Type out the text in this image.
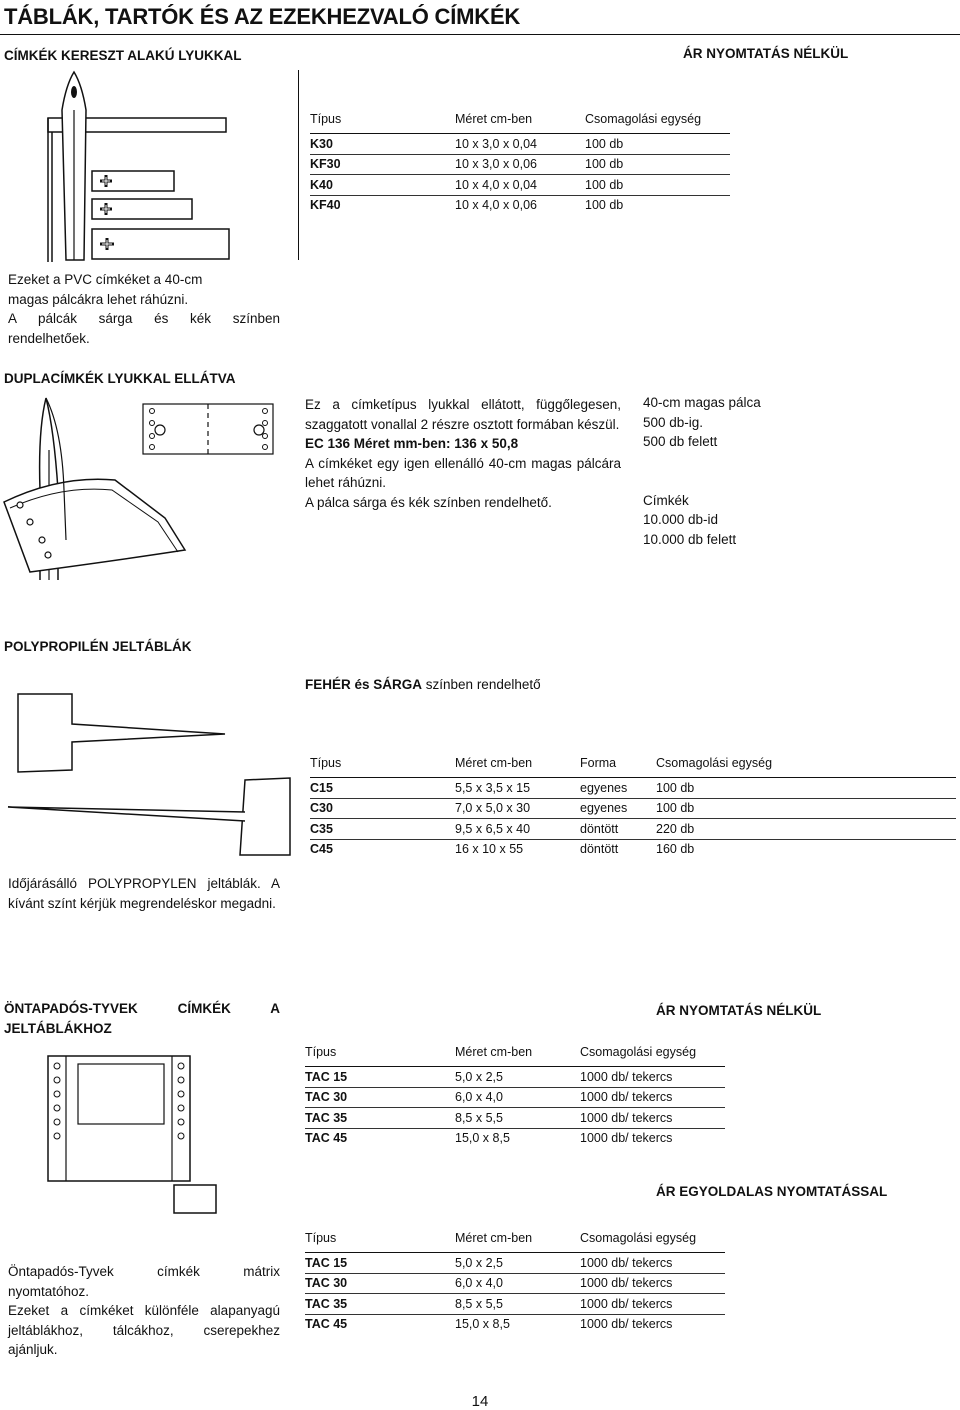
TÁBLÁK, TARTÓK ÉS AZ EZEKHEZVALÓ CÍMKÉK
CÍMKÉK KERESZT ALAKÚ LYUKKAL	ÁR NYOMTATÁS NÉLKÜL
Típus	Méret cm-ben	Csomagolási egység
K30	10 x 3,0 x 0,04	100 db
KF30	10 x 3,0 x 0,06	100 db
K40	10 x 4,0 x 0,04	100 db
KF40	10 x 4,0 x 0,06	100 db
Ezeket a PVC címkéket a 40-cm
magas pálcákra lehet ráhúzni.
A pálcák sárga és kék színben
rendelhetőek.
DUPLACÍMKÉK LYUKKAL ELLÁTVA
Ez a címketípus lyukkal ellátott, függőlegesen, szaggatott vonallal 2 részre osztott formában készül.
EC 136 Méret mm-ben: 136 x 50,8
A címkéket egy igen ellenálló 40-cm magas pálcára lehet ráhúzni.
A pálca sárga és kék színben rendelhető.
40-cm magas pálca
500 db-ig.
500 db felett
Címkék
10.000 db-id
10.000 db felett
POLYPROPILÉN JELTÁBLÁK
FEHÉR és SÁRGA színben rendelhető
Típus	Méret cm-ben	Forma	Csomagolási egység
C15	5,5 x 3,5 x 15	egyenes	100 db
C30	7,0 x 5,0 x 30	egyenes	100 db
C35	9,5 x 6,5 x 40	döntött	220 db
C45	16 x 10 x 55	döntött	160 db
Időjárásálló POLYPROPYLEN jeltáblák. A kívánt színt kérjük megrendeléskor megadni.
ÖNTAPADÓS-TYVEK CÍMKÉK A JELTÁBLÁKHOZ
ÁR NYOMTATÁS NÉLKÜL
Típus	Méret cm-ben	Csomagolási egység
TAC 15	5,0 x 2,5	1000 db/ tekercs
TAC 30	6,0 x 4,0	1000 db/ tekercs
TAC 35	8,5 x 5,5	1000 db/ tekercs
TAC 45	15,0 x 8,5	1000 db/ tekercs
ÁR EGYOLDALAS NYOMTATÁSSAL
Típus	Méret cm-ben	Csomagolási egység
TAC 15	5,0 x 2,5	1000 db/ tekercs
TAC 30	6,0 x 4,0	1000 db/ tekercs
TAC 35	8,5 x 5,5	1000 db/ tekercs
TAC 45	15,0 x 8,5	1000 db/ tekercs
Öntapadós-Tyvek címkék mátrix nyomtatóhoz.
Ezeket a címkéket különféle alapanyagú jeltáblákhoz, tálcákhoz, cserepekhez ajánljuk.
14
